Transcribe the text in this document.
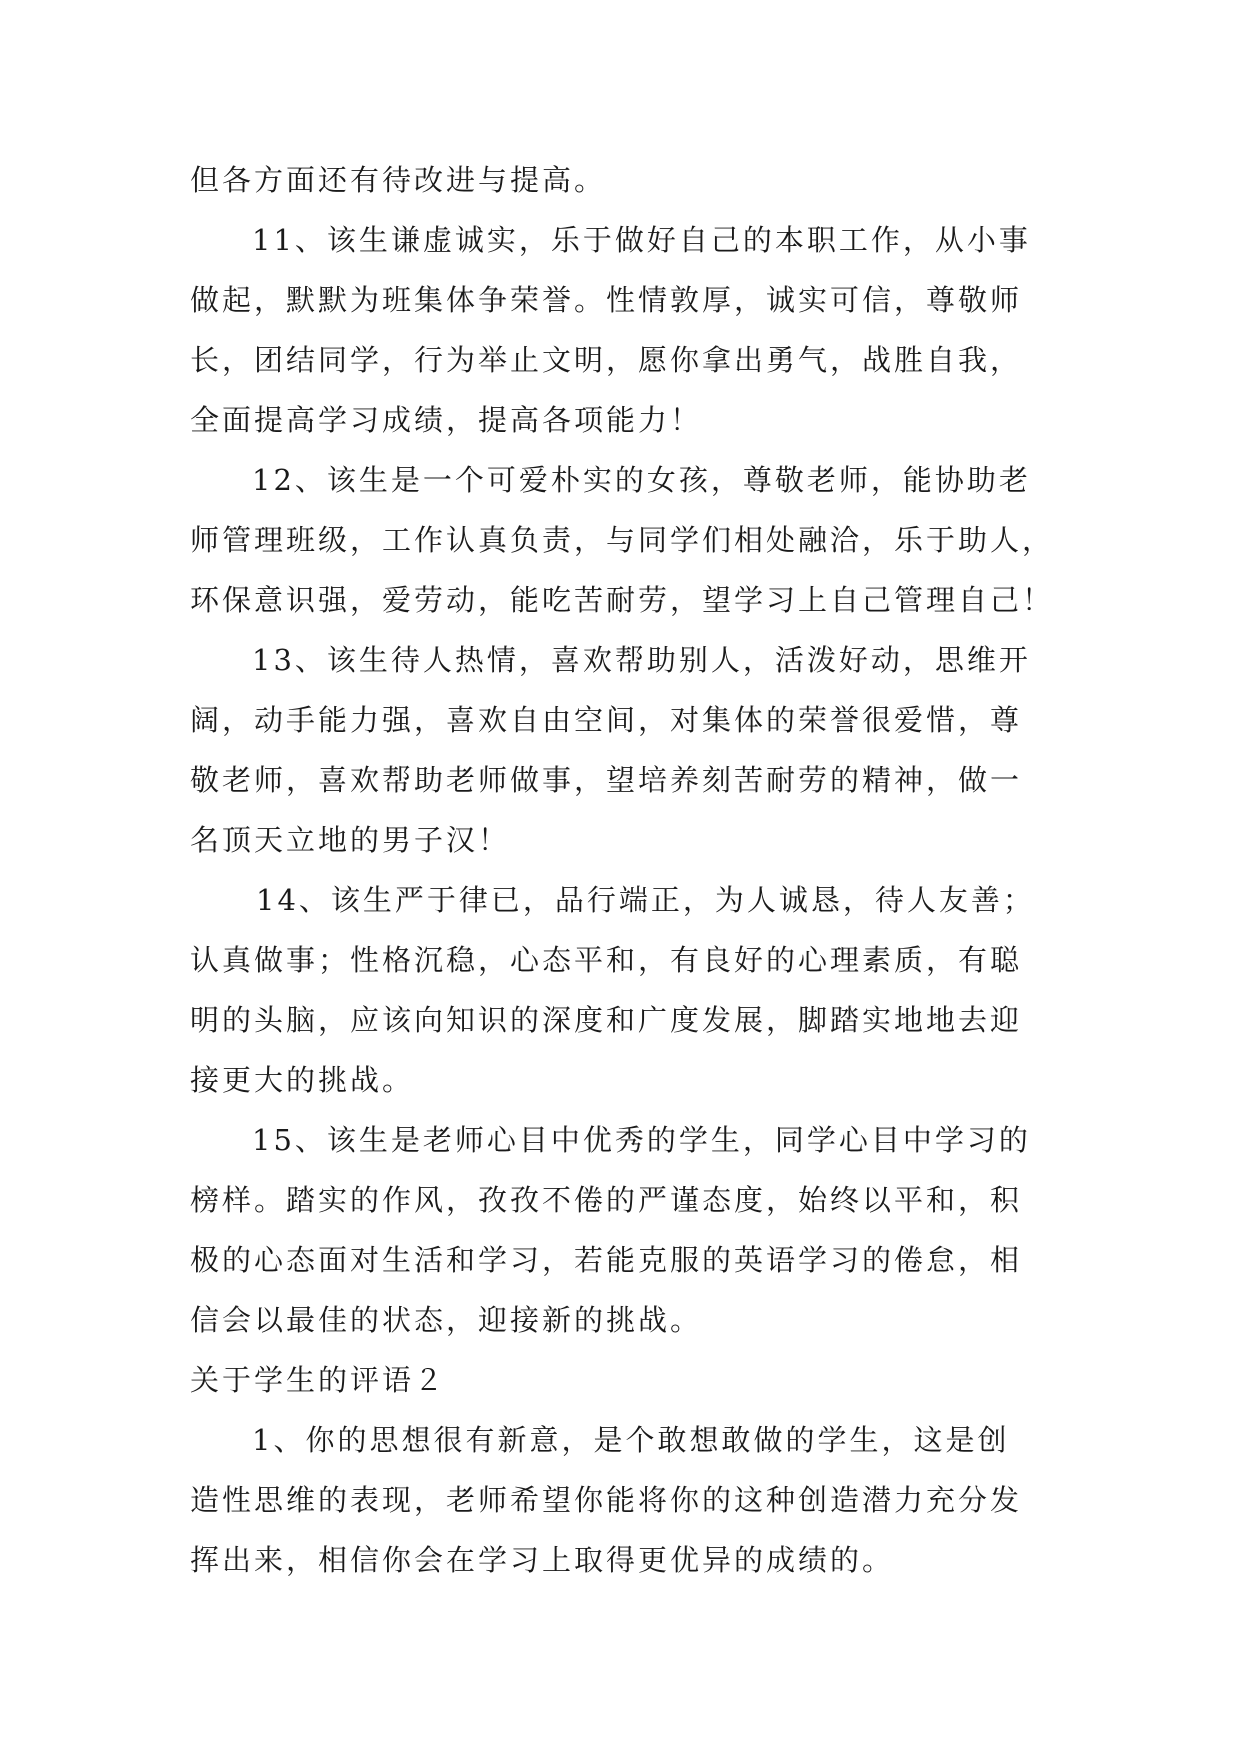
但各方面还有待改进与提高。
11、该生谦虚诚实，乐于做好自己的本职工作，从小事
做起，默默为班集体争荣誉。性情敦厚，诚实可信，尊敬师
长，团结同学，行为举止文明，愿你拿出勇气，战胜自我，
全面提高学习成绩，提高各项能力！
12、该生是一个可爱朴实的女孩，尊敬老师，能协助老
师管理班级，工作认真负责，与同学们相处融洽，乐于助人，
环保意识强，爱劳动，能吃苦耐劳，望学习上自己管理自己！
13、该生待人热情，喜欢帮助别人，活泼好动，思维开
阔，动手能力强，喜欢自由空间，对集体的荣誉很爱惜，尊
敬老师，喜欢帮助老师做事，望培养刻苦耐劳的精神，做一
名顶天立地的男子汉！
14、该生严于律已，品行端正，为人诚恳，待人友善；
认真做事；性格沉稳，心态平和，有良好的心理素质，有聪
明的头脑，应该向知识的深度和广度发展，脚踏实地地去迎
接更大的挑战。
15、该生是老师心目中优秀的学生，同学心目中学习的
榜样。踏实的作风，孜孜不倦的严谨态度，始终以平和，积
极的心态面对生活和学习，若能克服的英语学习的倦怠，相
信会以最佳的状态，迎接新的挑战。
关于学生的评语２
1、你的思想很有新意，是个敢想敢做的学生，这是创
造性思维的表现，老师希望你能将你的这种创造潜力充分发
挥出来，相信你会在学习上取得更优异的成绩的。
